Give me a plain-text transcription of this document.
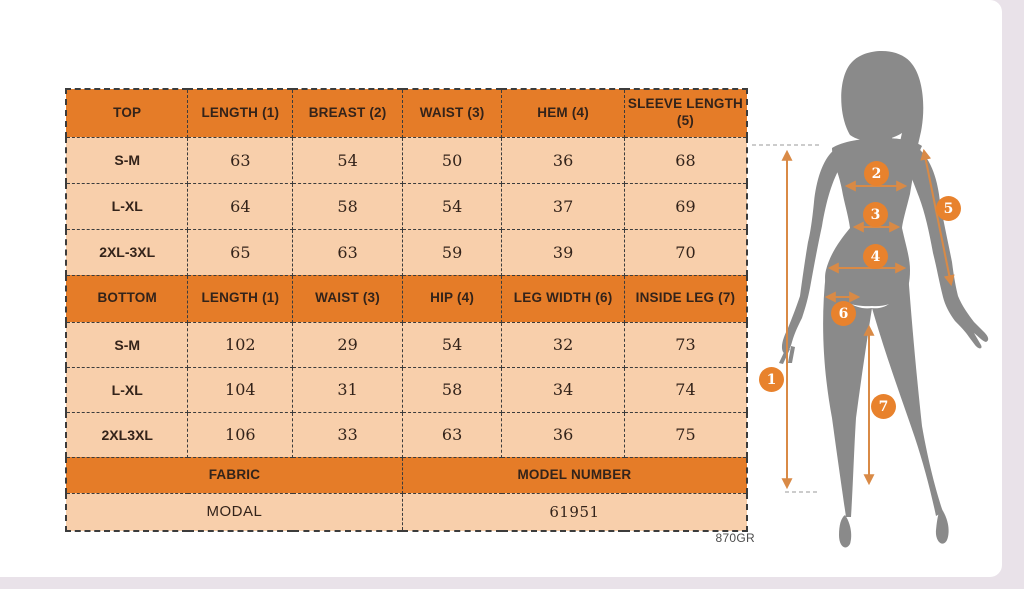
TOP	LENGTH (1)	BREAST (2)	WAIST (3)	HEM (4)	SLEEVE LENGTH (5)
S-M	63	54	50	36	68
L-XL	64	58	54	37	69
2XL-3XL	65	63	59	39	70
BOTTOM	LENGTH (1)	WAIST (3)	HIP (4)	LEG WIDTH (6)	INSIDE LEG (7)
S-M	102	29	54	32	73
L-XL	104	31	58	34	74
2XL3XL	106	33	63	36	75
FABRIC			MODEL NUMBER		
MODAL			61951		
870GR
1
2
3
4
5
6
7
